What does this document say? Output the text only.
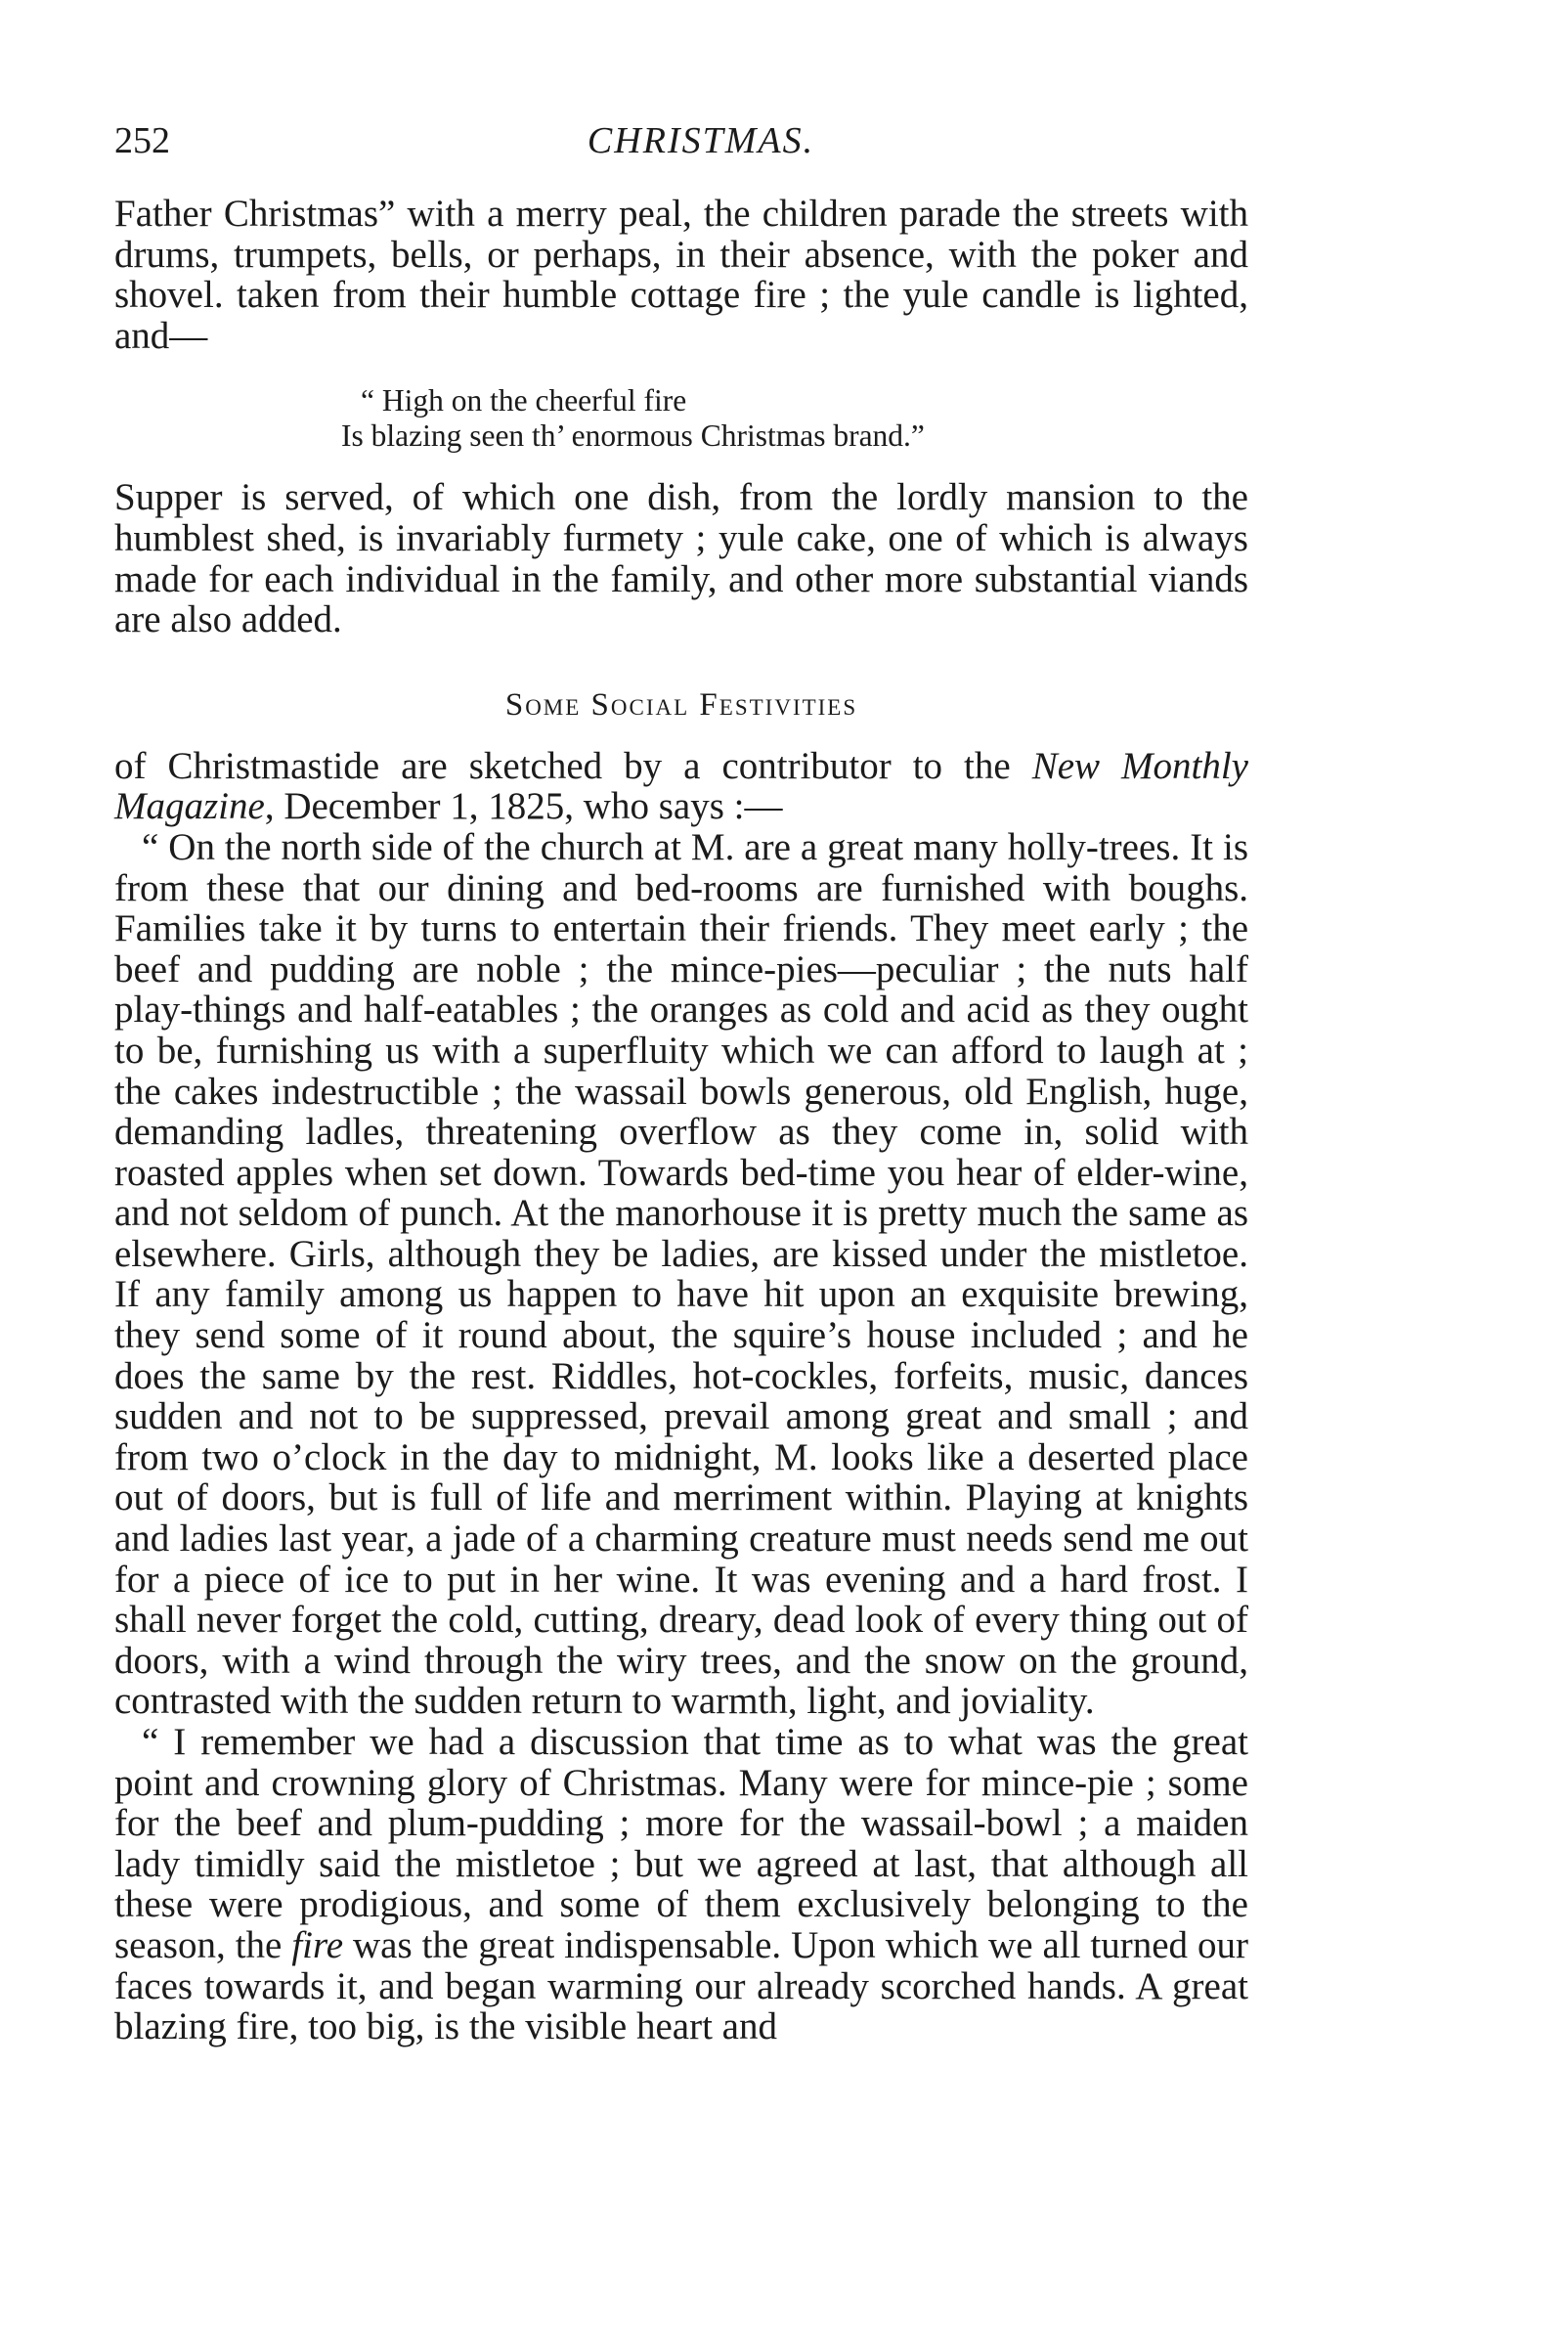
252	CHRISTMAS.

Father Christmas” with a merry peal, the children parade the streets with drums, trumpets, bells, or perhaps, in their absence, with the poker and shovel. taken from their humble cottage fire ; the yule candle is lighted, and—

“ High on the cheerful fire
Is blazing seen th’ enormous Christmas brand.”

Supper is served, of which one dish, from the lordly mansion to the humblest shed, is invariably furmety ; yule cake, one of which is always made for each individual in the family, and other more substantial viands are also added.

Some Social Festivities

of Christmastide are sketched by a contributor to the New Monthly Magazine, December 1, 1825, who says :—

“ On the north side of the church at M. are a great many holly-trees. It is from these that our dining and bed-rooms are furnished with boughs. Families take it by turns to entertain their friends. They meet early ; the beef and pudding are noble ; the mince-pies—peculiar ; the nuts half play-things and half-eatables ; the oranges as cold and acid as they ought to be, furnishing us with a superfluity which we can afford to laugh at ; the cakes indestructible ; the wassail bowls generous, old English, huge, demanding ladles, threatening overflow as they come in, solid with roasted apples when set down. Towards bed-time you hear of elder-wine, and not seldom of punch. At the manorhouse it is pretty much the same as elsewhere. Girls, although they be ladies, are kissed under the mistletoe. If any family among us happen to have hit upon an exquisite brewing, they send some of it round about, the squire’s house included ; and he does the same by the rest. Riddles, hot-cockles, forfeits, music, dances sudden and not to be suppressed, prevail among great and small ; and from two o’clock in the day to midnight, M. looks like a deserted place out of doors, but is full of life and merriment within. Playing at knights and ladies last year, a jade of a charming creature must needs send me out for a piece of ice to put in her wine. It was evening and a hard frost. I shall never forget the cold, cutting, dreary, dead look of every thing out of doors, with a wind through the wiry trees, and the snow on the ground, contrasted with the sudden return to warmth, light, and joviality.

“ I remember we had a discussion that time as to what was the great point and crowning glory of Christmas. Many were for mince-pie ; some for the beef and plum-pudding ; more for the wassail-bowl ; a maiden lady timidly said the mistletoe ; but we agreed at last, that although all these were prodigious, and some of them exclusively belonging to the season, the fire was the great indispensable. Upon which we all turned our faces towards it, and began warming our already scorched hands. A great blazing fire, too big, is the visible heart and
